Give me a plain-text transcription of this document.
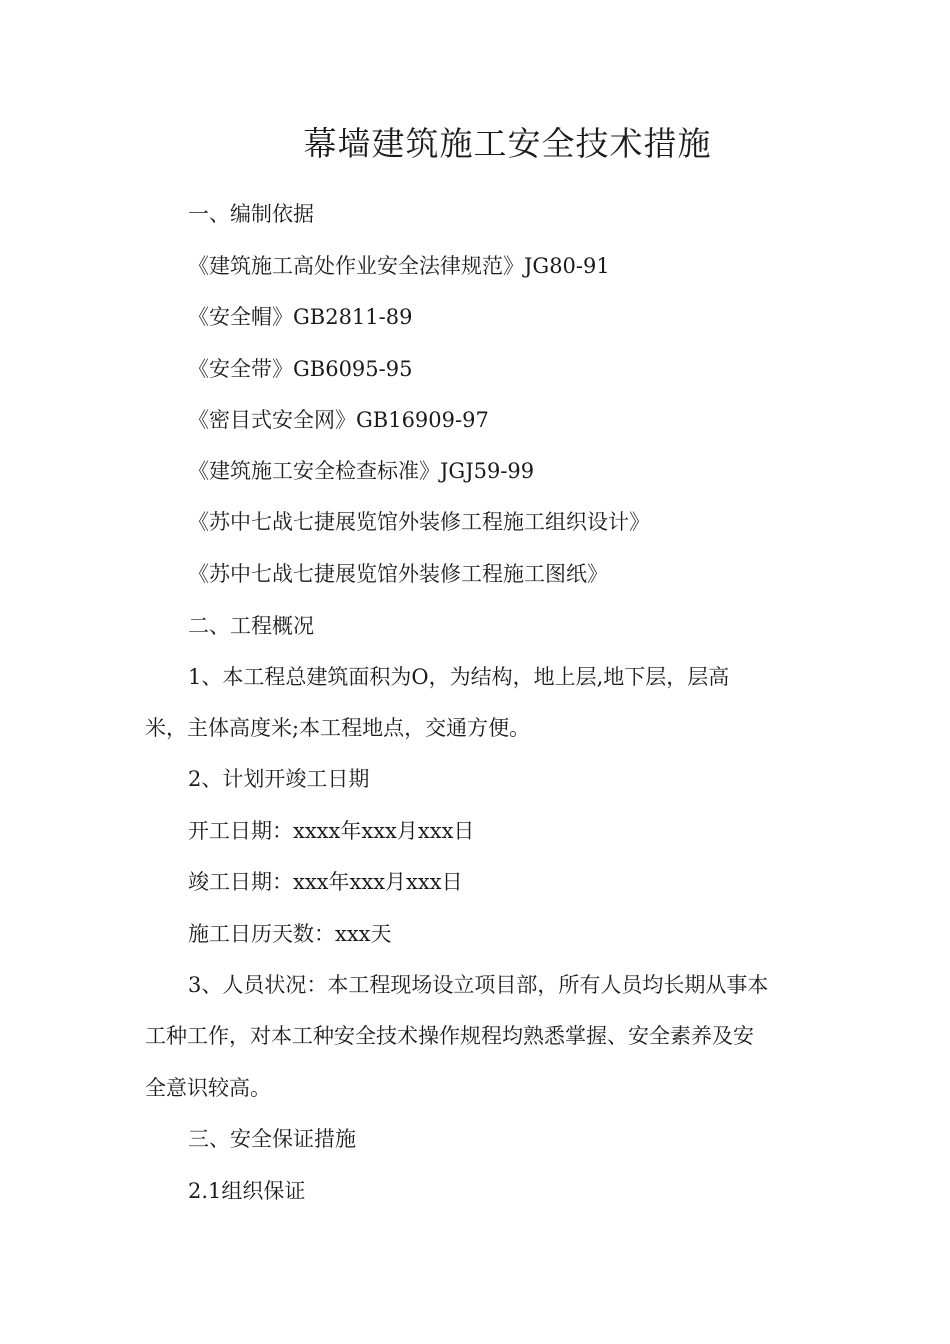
幕墙建筑施工安全技术措施
一、编制依据
《建筑施工高处作业安全法律规范》JG80-91
《安全帽》GB2811-89
《安全带》GB6095-95
《密目式安全网》GB16909-97
《建筑施工安全检查标准》JGJ59-99
《苏中七战七捷展览馆外装修工程施工组织设计》
《苏中七战七捷展览馆外装修工程施工图纸》
二、工程概况
1、本工程总建筑面积为O，为结构，地上层,地下层，层高
米，主体高度米;本工程地点，交通方便。
2、计划开竣工日期
开工日期：xxxx年xxx月xxx日
竣工日期：xxx年xxx月xxx日
施工日历天数：xxx天
3、人员状况：本工程现场设立项目部，所有人员均长期从事本
工种工作，对本工种安全技术操作规程均熟悉掌握、安全素养及安
全意识较高。
三、安全保证措施
2.1组织保证
